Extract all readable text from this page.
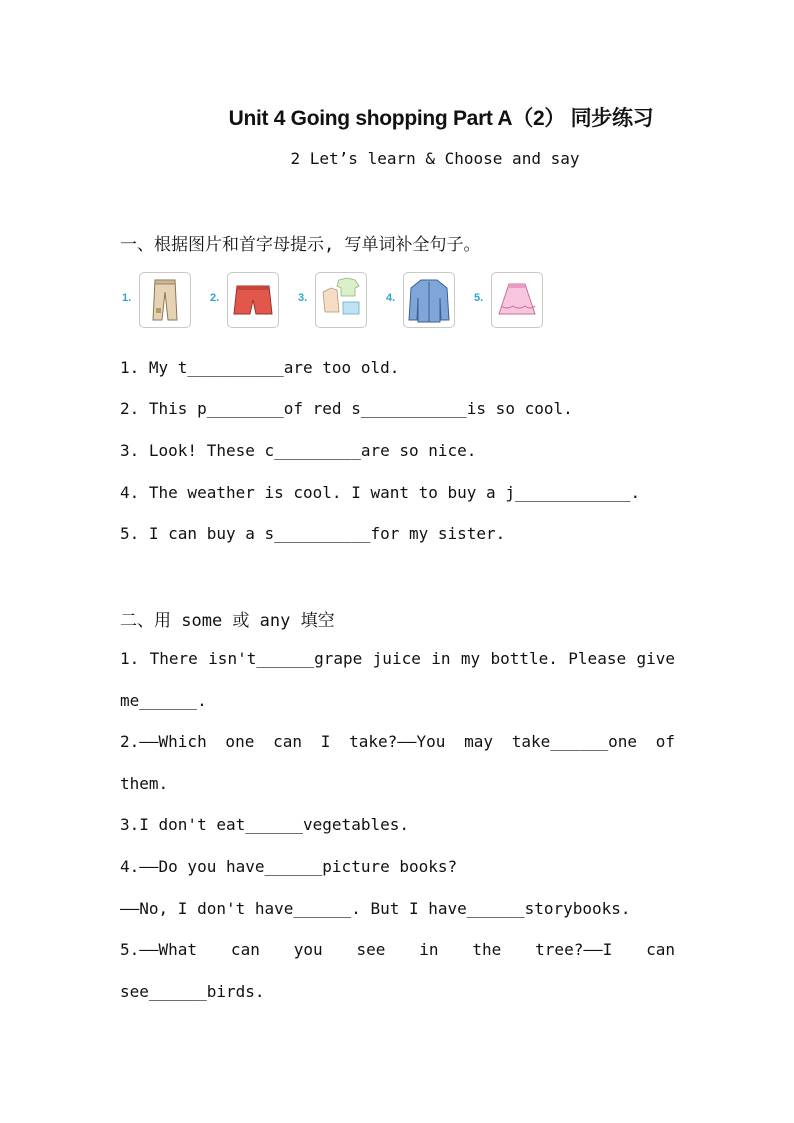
Unit 4 Going shopping Part A（2） 同步练习
2 Let’s learn & Choose and say
一、根据图片和首字母提示, 写单词补全句子。
1.	2.	3.	4.	5.
1. My t__________are too old.
2. This p________of red s___________is so cool.
3. Look! These c_________are so nice.
4. The weather is cool. I want to buy a j____________.
5. I can buy a s__________for my sister.
二、用 some 或 any 填空
1. There isn't______grape juice in my bottle. Please give
me______.
2.——Which one can I take?——You may take______one of
them.
3.I don't eat______vegetables.
4.——Do you have______picture books?
——No, I don't have______. But I have______storybooks.
5.——What can you see in the tree?——I can
see______birds.
